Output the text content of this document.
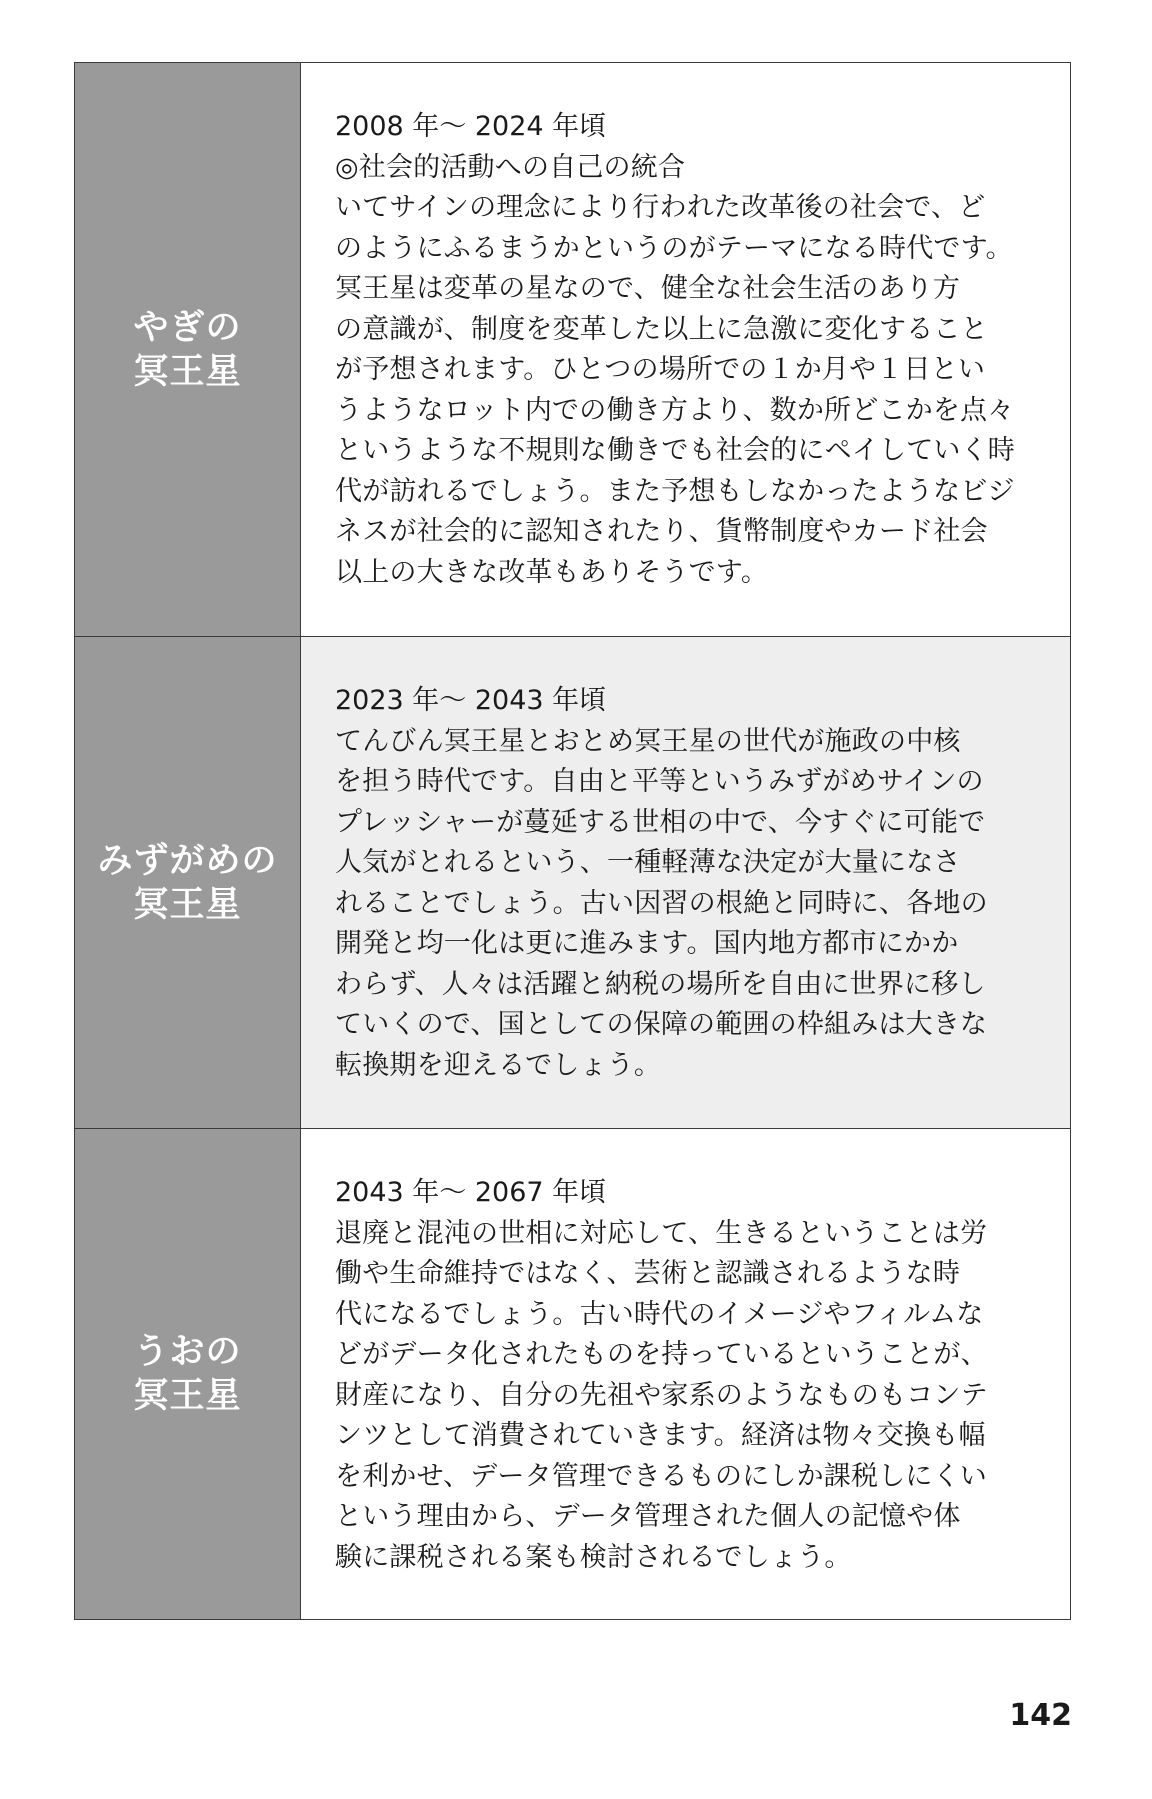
やぎの
冥王星
2008 年〜 2024 年頃
◎社会的活動への自己の統合
いてサインの理念により行われた改革後の社会で、ど
のようにふるまうかというのがテーマになる時代です。
冥王星は変革の星なので、健全な社会生活のあり方
の意識が、制度を変革した以上に急激に変化すること
が予想されます。ひとつの場所での１か月や１日とい
うようなロット内での働き方より、数か所どこかを点々
というような不規則な働きでも社会的にペイしていく時
代が訪れるでしょう。また予想もしなかったようなビジ
ネスが社会的に認知されたり、貨幣制度やカード社会
以上の大きな改革もありそうです。
みずがめの
冥王星
2023 年〜 2043 年頃
てんびん冥王星とおとめ冥王星の世代が施政の中核
を担う時代です。自由と平等というみずがめサインの
プレッシャーが蔓延する世相の中で、今すぐに可能で
人気がとれるという、一種軽薄な決定が大量になさ
れることでしょう。古い因習の根絶と同時に、各地の
開発と均一化は更に進みます。国内地方都市にかか
わらず、人々は活躍と納税の場所を自由に世界に移し
ていくので、国としての保障の範囲の枠組みは大きな
転換期を迎えるでしょう。
うおの
冥王星
2043 年〜 2067 年頃
退廃と混沌の世相に対応して、生きるということは労
働や生命維持ではなく、芸術と認識されるような時
代になるでしょう。古い時代のイメージやフィルムな
どがデータ化されたものを持っているということが、
財産になり、自分の先祖や家系のようなものもコンテ
ンツとして消費されていきます。経済は物々交換も幅
を利かせ、データ管理できるものにしか課税しにくい
という理由から、データ管理された個人の記憶や体
験に課税される案も検討されるでしょう。
142
